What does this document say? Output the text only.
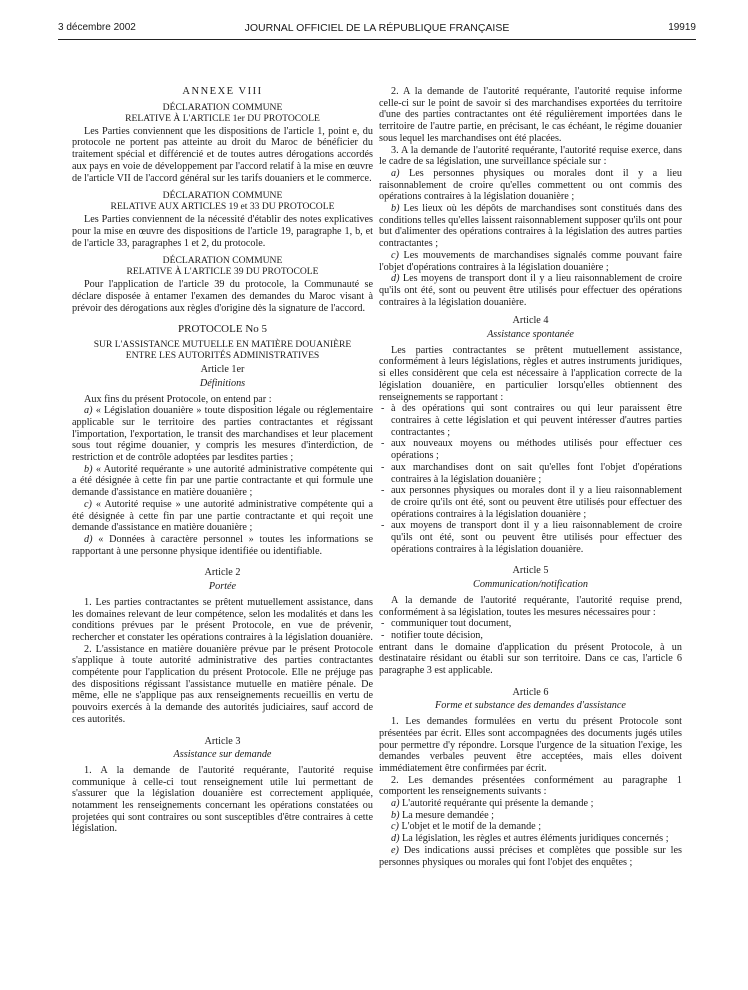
3 décembre 2002	JOURNAL OFFICIEL DE LA RÉPUBLIQUE FRANÇAISE	19919
ANNEXE VIII
DÉCLARATION COMMUNE
RELATIVE À L'ARTICLE 1er DU PROTOCOLE

Les Parties conviennent que les dispositions de l'article 1, point e, du protocole ne portent pas atteinte au droit du Maroc de bénéficier du traitement spécial et différencié et de toutes autres dérogations accordés aux pays en voie de développement par l'accord relatif à la mise en œuvre de l'article VII de l'accord général sur les tarifs douaniers et le commerce.

DÉCLARATION COMMUNE
RELATIVE AUX ARTICLES 19 et 33 DU PROTOCOLE

Les Parties conviennent de la nécessité d'établir des notes explicatives pour la mise en œuvre des dispositions de l'article 19, paragraphe 1, b, et de l'article 33, paragraphes 1 et 2, du protocole.

DÉCLARATION COMMUNE
RELATIVE À L'ARTICLE 39 DU PROTOCOLE

Pour l'application de l'article 39 du protocole, la Communauté se déclare disposée à entamer l'examen des demandes du Maroc visant à prévoir des dérogations aux règles d'origine dès la signature de l'accord.

PROTOCOLE No 5
SUR L'ASSISTANCE MUTUELLE EN MATIÈRE DOUANIÈRE
ENTRE LES AUTORITÉS ADMINISTRATIVES
Article 1er
Définitions

Aux fins du présent Protocole, on entend par :

a) « Législation douanière » toute disposition légale ou réglementaire applicable sur le territoire des parties contractantes et régissant l'importation, l'exportation, le transit des marchandises et leur placement sous tout régime douanier, y compris les mesures d'interdiction, de restriction et de contrôle adoptées par lesdites parties ;

b) « Autorité requérante » une autorité administrative compétente qui a été désignée à cette fin par une partie contractante et qui formule une demande d'assistance en matière douanière ;

c) « Autorité requise » une autorité administrative compétente qui a été désignée à cette fin par une partie contractante et qui reçoit une demande d'assistance en matière douanière ;

d) « Données à caractère personnel » toutes les informations se rapportant à une personne physique identifiée ou identifiable.

Article 2
Portée

1. Les parties contractantes se prêtent mutuellement assistance, dans les domaines relevant de leur compétence, selon les modalités et dans les conditions prévues par le présent Protocole, en vue de prévenir, rechercher et constater les opérations contraires à la législation douanière.

2. L'assistance en matière douanière prévue par le présent Protocole s'applique à toute autorité administrative des parties contractantes compétente pour l'application du présent Protocole. Elle ne préjuge pas des dispositions régissant l'assistance mutuelle en matière pénale. De même, elle ne s'applique pas aux renseignements recueillis en vertu de pouvoirs exercés à la demande des autorités judiciaires, sauf accord de ces autorités.

Article 3
Assistance sur demande

1. A la demande de l'autorité requérante, l'autorité requise communique à celle-ci tout renseignement utile lui permettant de s'assurer que la législation douanière est correctement appliquée, notamment les renseignements concernant les opérations constatées ou projetées qui sont contraires ou sont susceptibles d'être contraires à cette législation.

2. A la demande de l'autorité requérante, l'autorité requise informe celle-ci sur le point de savoir si des marchandises exportées du territoire d'une des parties contractantes ont été régulièrement importées dans le territoire de l'autre partie, en précisant, le cas échéant, le régime douanier sous lequel les marchandises ont été placées.

3. A la demande de l'autorité requérante, l'autorité requise exerce, dans le cadre de sa législation, une surveillance spéciale sur :

a) Les personnes physiques ou morales dont il y a lieu raisonnablement de croire qu'elles commettent ou ont commis des opérations contraires à la législation douanière ;

b) Les lieux où les dépôts de marchandises sont constitués dans des conditions telles qu'elles laissent raisonnablement supposer qu'ils ont pour but d'alimenter des opérations contraires à la législation des autres parties contractantes ;

c) Les mouvements de marchandises signalés comme pouvant faire l'objet d'opérations contraires à la législation douanière ;

d) Les moyens de transport dont il y a lieu raisonnablement de croire qu'ils ont été, sont ou peuvent être utilisés pour effectuer des opérations contraires à la législation douanière.

Article 4
Assistance spontanée

Les parties contractantes se prêtent mutuellement assistance, conformément à leurs législations, règles et autres instruments juridiques, si elles considèrent que cela est nécessaire à l'application correcte de la législation douanière, en particulier lorsqu'elles obtiennent des renseignements se rapportant :

- à des opérations qui sont contraires ou qui leur paraissent être contraires à cette législation et qui peuvent intéresser d'autres parties contractantes ;
- aux nouveaux moyens ou méthodes utilisés pour effectuer ces opérations ;
- aux marchandises dont on sait qu'elles font l'objet d'opérations contraires à la législation douanière ;
- aux personnes physiques ou morales dont il y a lieu raisonnablement de croire qu'ils ont été, sont ou peuvent être utilisés pour effectuer des opérations contraires à la législation douanière ;
- aux moyens de transport dont il y a lieu raisonnablement de croire qu'ils ont été, sont ou peuvent être utilisés pour effectuer des opérations contraires à la législation douanière.
Article 5
Communication/notification

A la demande de l'autorité requérante, l'autorité requise prend, conformément à sa législation, toutes les mesures nécessaires pour :

- communiquer tout document,
- notifier toute décision,

entrant dans le domaine d'application du présent Protocole, à un destinataire résidant ou établi sur son territoire. Dans ce cas, l'article 6 paragraphe 3 est applicable.

Article 6
Forme et substance des demandes d'assistance

1. Les demandes formulées en vertu du présent Protocole sont présentées par écrit. Elles sont accompagnées des documents jugés utiles pour permettre d'y répondre. Lorsque l'urgence de la situation l'exige, les demandes verbales peuvent être acceptées, mais elles doivent immédiatement être confirmées par écrit.

2. Les demandes présentées conformément au paragraphe 1 comportent les renseignements suivants :

a) L'autorité requérante qui présente la demande ;

b) La mesure demandée ;

c) L'objet et le motif de la demande ;

d) La législation, les règles et autres éléments juridiques concernés ;

e) Des indications aussi précises et complètes que possible sur les personnes physiques ou morales qui font l'objet des enquêtes ;
